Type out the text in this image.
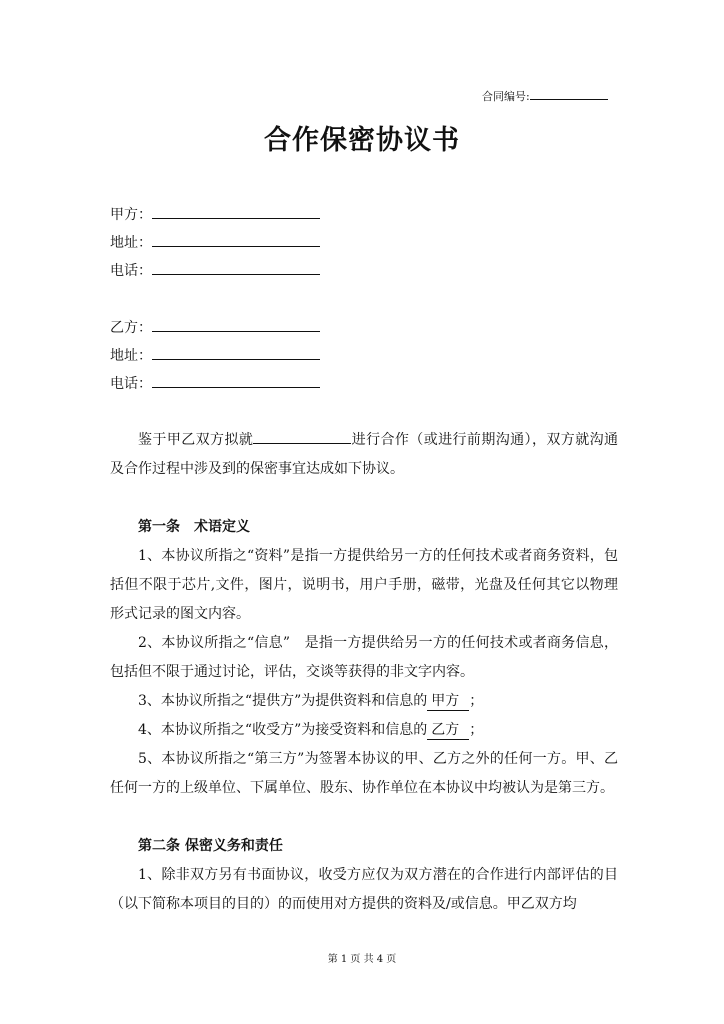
合同编号:
合作保密协议书
甲方：
地址：
电话：
乙方：
地址：
电话：

鉴于甲乙双方拟就	进行合作（或进行前期沟通），双方就沟通及合作过程中涉及到的保密事宜达成如下协议。

第一条　术语定义

1、本协议所指之“资料”是指一方提供给另一方的任何技术或者商务资料，包括但不限于芯片,文件，图片，说明书，用户手册，磁带，光盘及任何其它以物理形式记录的图文内容。

2、本协议所指之“信息”　是指一方提供给另一方的任何技术或者商务信息，包括但不限于通过讨论，评估，交谈等获得的非文字内容。

3、本协议所指之“提供方”为提供资料和信息的 甲方 ；

4、本协议所指之“收受方”为接受资料和信息的 乙方 ；

5、本协议所指之“第三方”为签署本协议的甲、乙方之外的任何一方。甲、乙任何一方的上级单位、下属单位、股东、协作单位在本协议中均被认为是第三方。

第二条 保密义务和责任

1、除非双方另有书面协议，收受方应仅为双方潜在的合作进行内部评估的目（以下简称本项目的目的）的而使用对方提供的资料及/或信息。甲乙双方均

第 1 页 共 4 页
